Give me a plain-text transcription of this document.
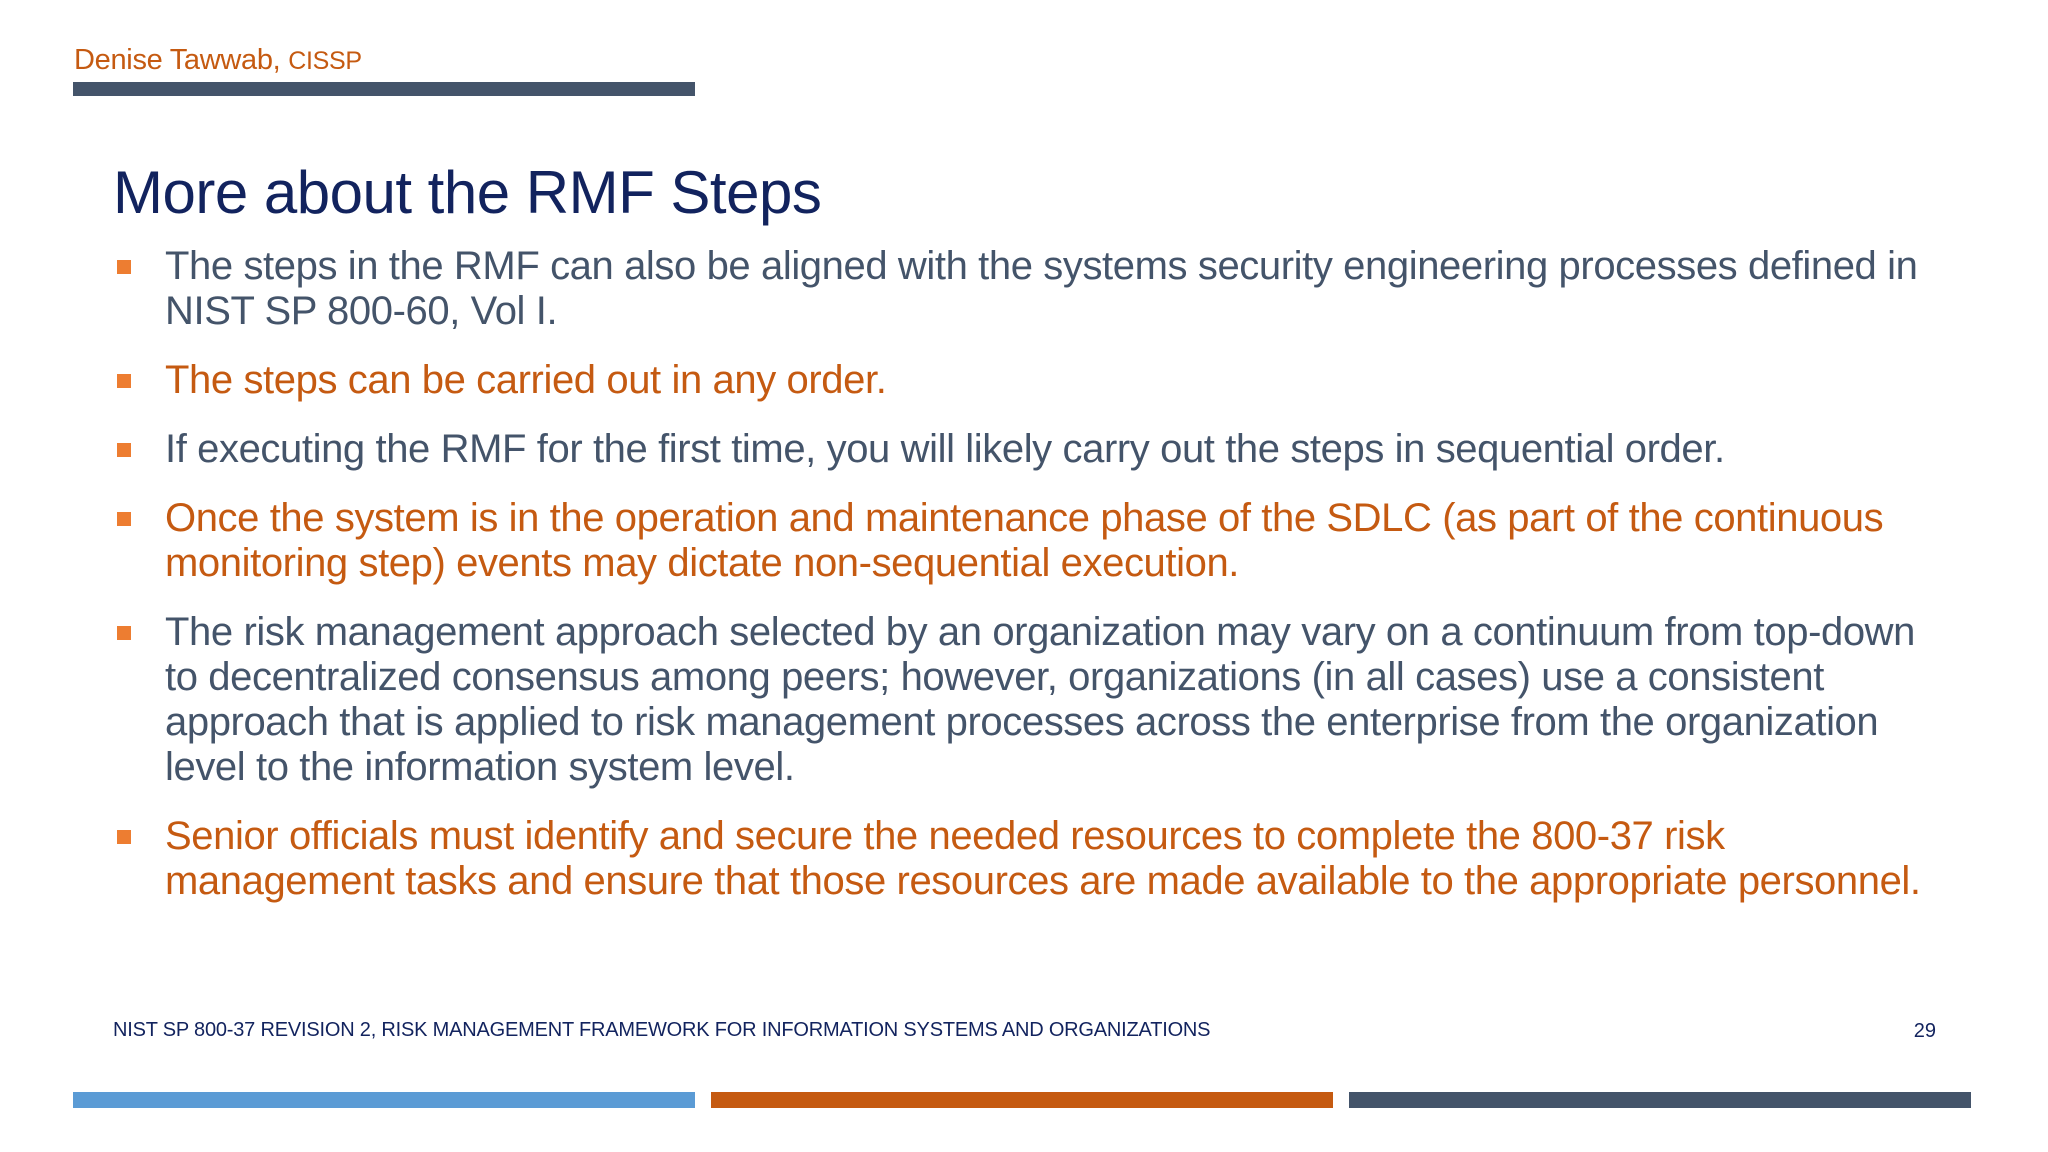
Denise Tawwab, CISSP
More about the RMF Steps
The steps in the RMF can also be aligned with the systems security engineering processes defined in NIST SP 800-60, Vol I.
The steps can be carried out in any order.
If executing the RMF for the first time, you will likely carry out the steps in sequential order.
Once the system is in the operation and maintenance phase of the SDLC (as part of the continuous monitoring step) events may dictate non-sequential execution.
The risk management approach selected by an organization may vary on a continuum from top-down to decentralized consensus among peers; however, organizations (in all cases) use a consistent approach that is applied to risk management processes across the enterprise from the organization level to the information system level.
Senior officials must identify and secure the needed resources to complete the 800-37 risk management tasks and ensure that those resources are made available to the appropriate personnel.
NIST SP 800-37 REVISION 2, RISK MANAGEMENT FRAMEWORK FOR INFORMATION SYSTEMS AND ORGANIZATIONS	29
